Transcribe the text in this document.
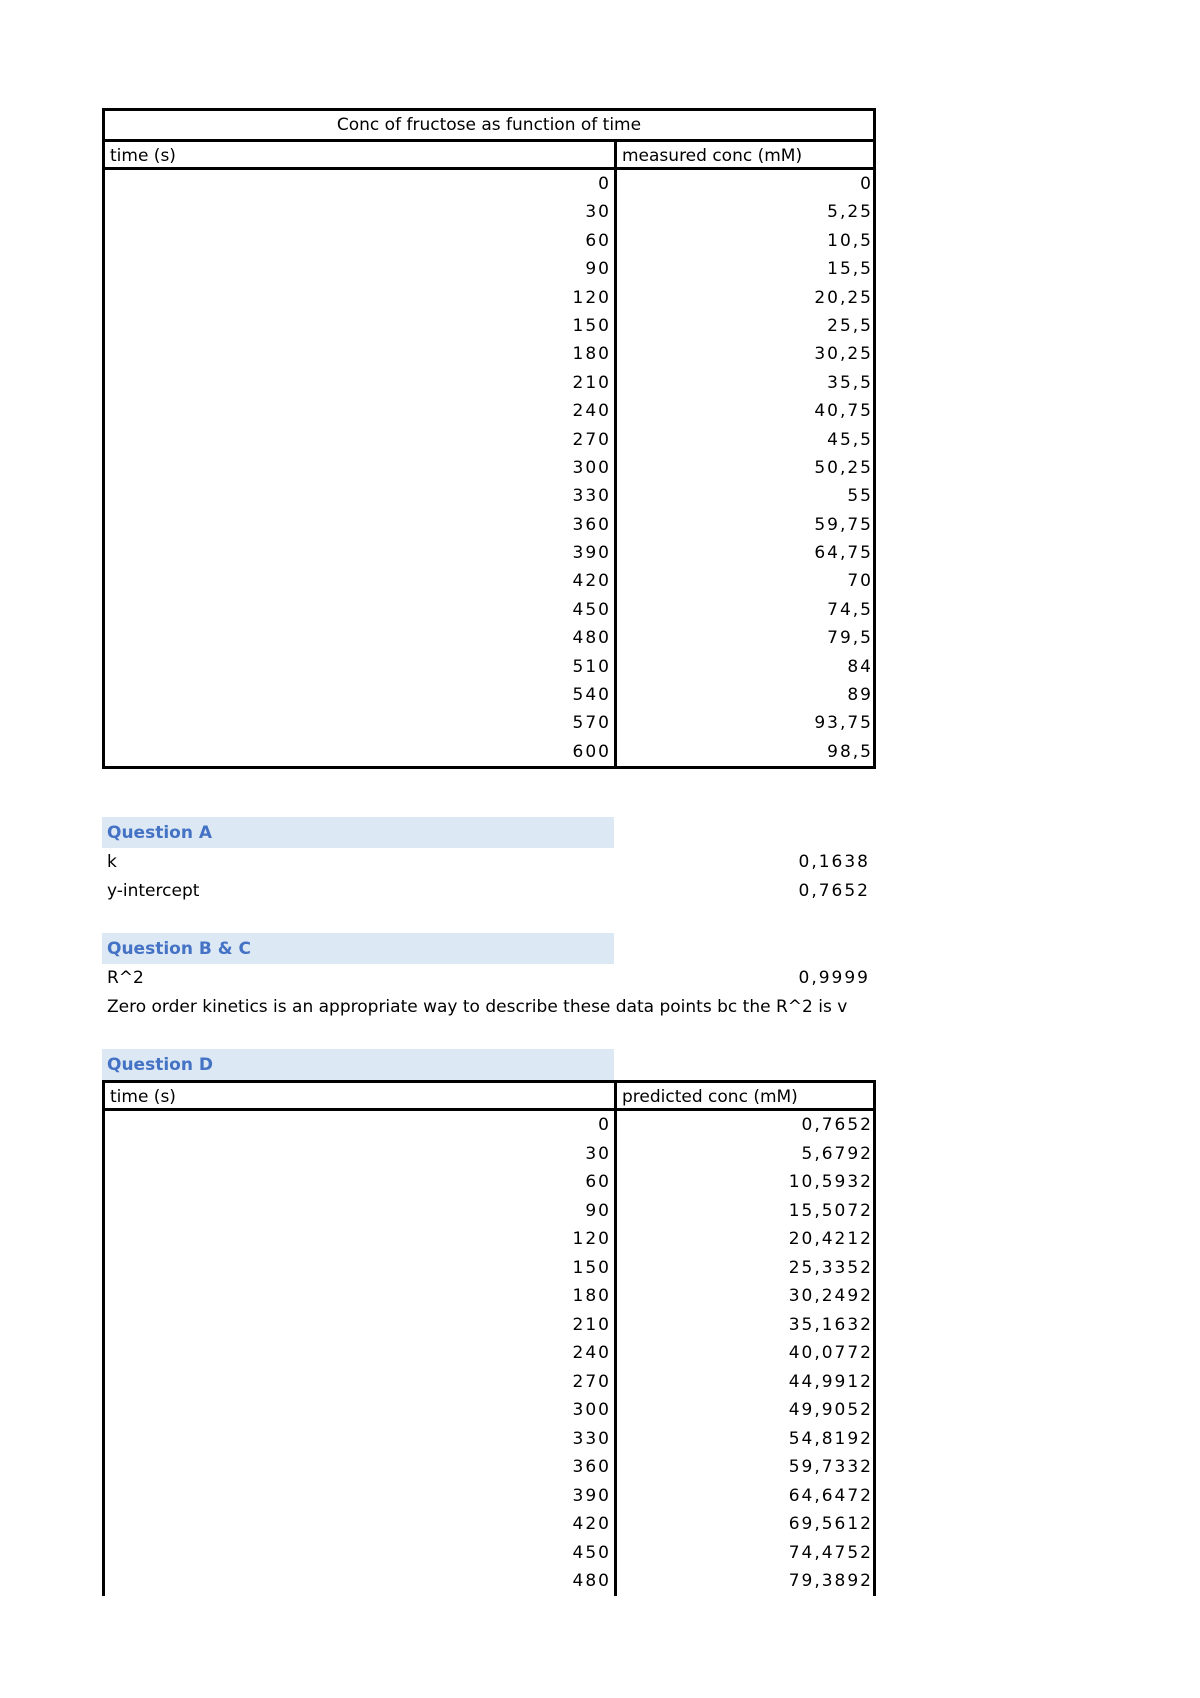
Conc of fructose as function of time
time (s)	measured conc (mM)
0	0
30	5,25
60	10,5
90	15,5
120	20,25
150	25,5
180	30,25
210	35,5
240	40,75
270	45,5
300	50,25
330	55
360	59,75
390	64,75
420	70
450	74,5
480	79,5
510	84
540	89
570	93,75
600	98,5
Question A
k	0,1638
y-intercept	0,7652
Question B & C
R^2	0,9999
Zero order kinetics is an appropriate way to describe these data points bc the R^2 is v
Question D
time (s)	predicted conc (mM)
0	0,7652
30	5,6792
60	10,5932
90	15,5072
120	20,4212
150	25,3352
180	30,2492
210	35,1632
240	40,0772
270	44,9912
300	49,9052
330	54,8192
360	59,7332
390	64,6472
420	69,5612
450	74,4752
480	79,3892
